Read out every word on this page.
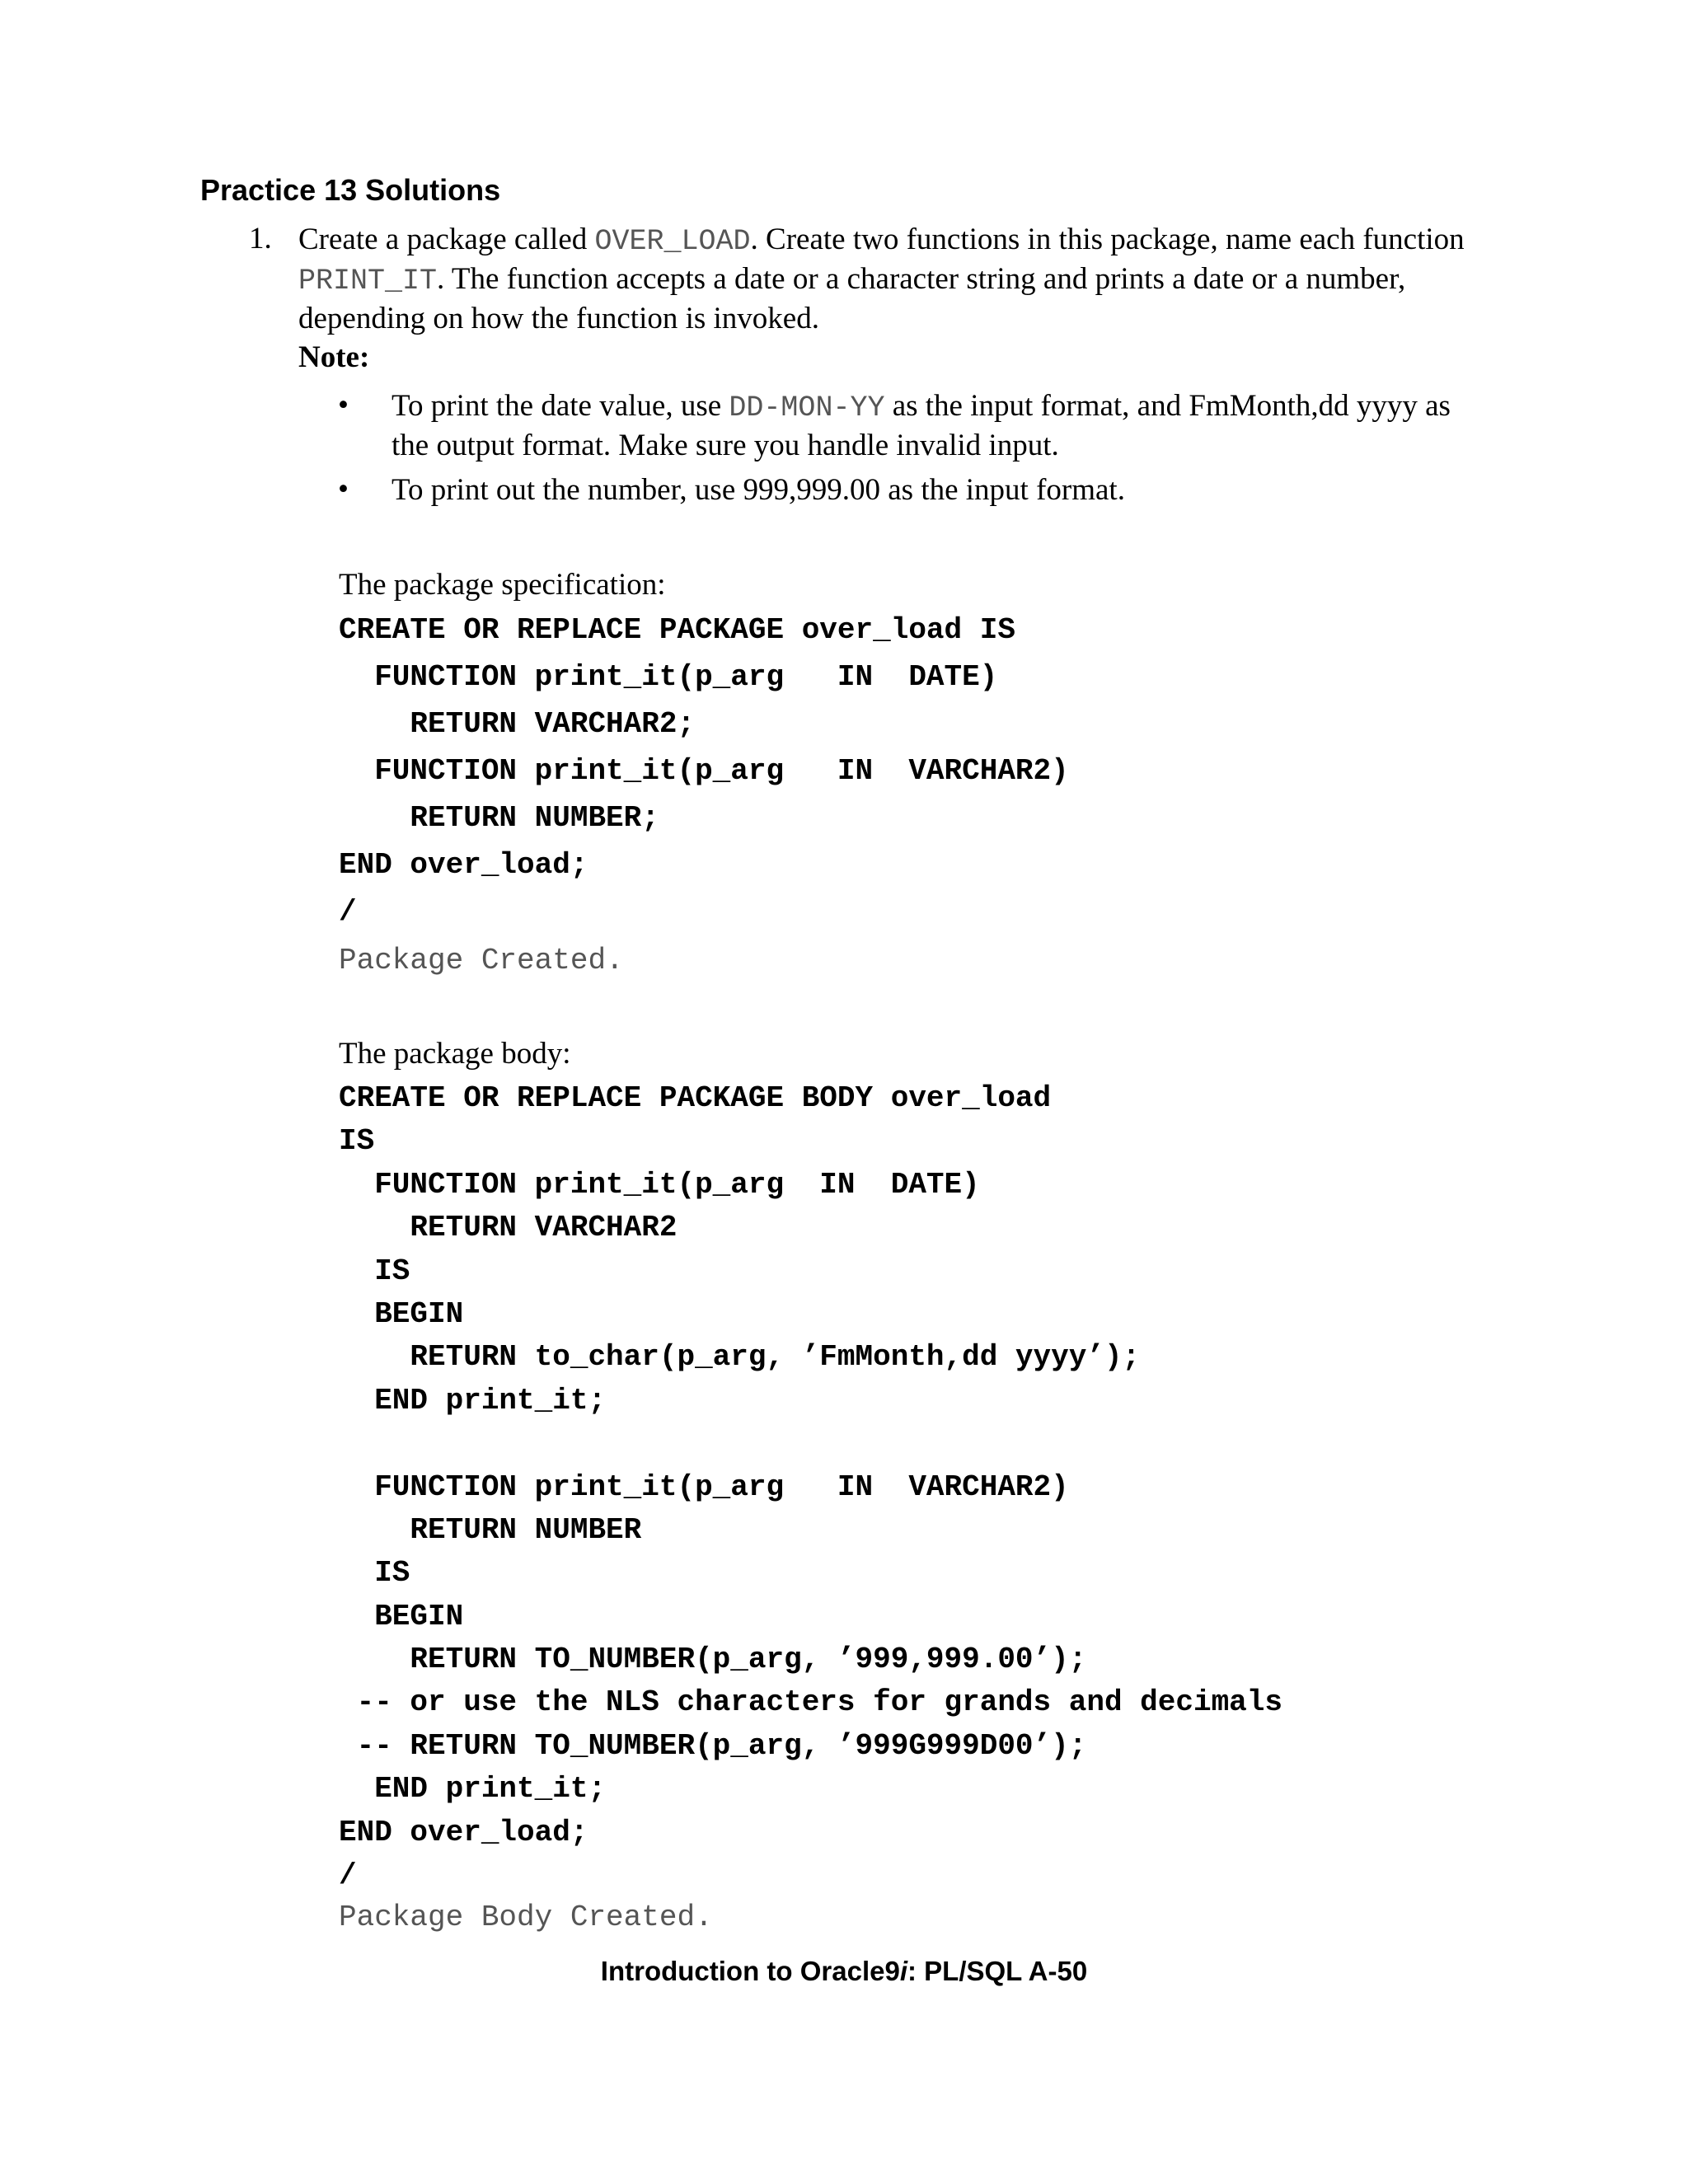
Practice 13 Solutions
1. Create a package called OVER_LOAD. Create two functions in this package, name each function PRINT_IT. The function accepts a date or a character string and prints a date or a number, depending on how the function is invoked.
Note:
• To print the date value, use DD-MON-YY as the input format, and FmMonth,dd yyyy as the output format. Make sure you handle invalid input.
• To print out the number, use 999,999.00 as the input format.
The package specification:
CREATE OR REPLACE PACKAGE over_load IS
FUNCTION print_it(p_arg   IN  DATE)
RETURN VARCHAR2;
FUNCTION print_it(p_arg   IN  VARCHAR2)
RETURN NUMBER;
END over_load;
/
Package Created.
The package body:
CREATE OR REPLACE PACKAGE BODY over_load
IS
FUNCTION print_it(p_arg  IN  DATE)
RETURN VARCHAR2
IS
BEGIN
RETURN to_char(p_arg, ’FmMonth,dd yyyy’);
END print_it;
FUNCTION print_it(p_arg   IN  VARCHAR2)
RETURN NUMBER
IS
BEGIN
RETURN TO_NUMBER(p_arg, ’999,999.00’);
-- or use the NLS characters for grands and decimals
-- RETURN TO_NUMBER(p_arg, ’999G999D00’);
END print_it;
END over_load;
/
Package Body Created.
Introduction to Oracle9i: PL/SQL A-50
